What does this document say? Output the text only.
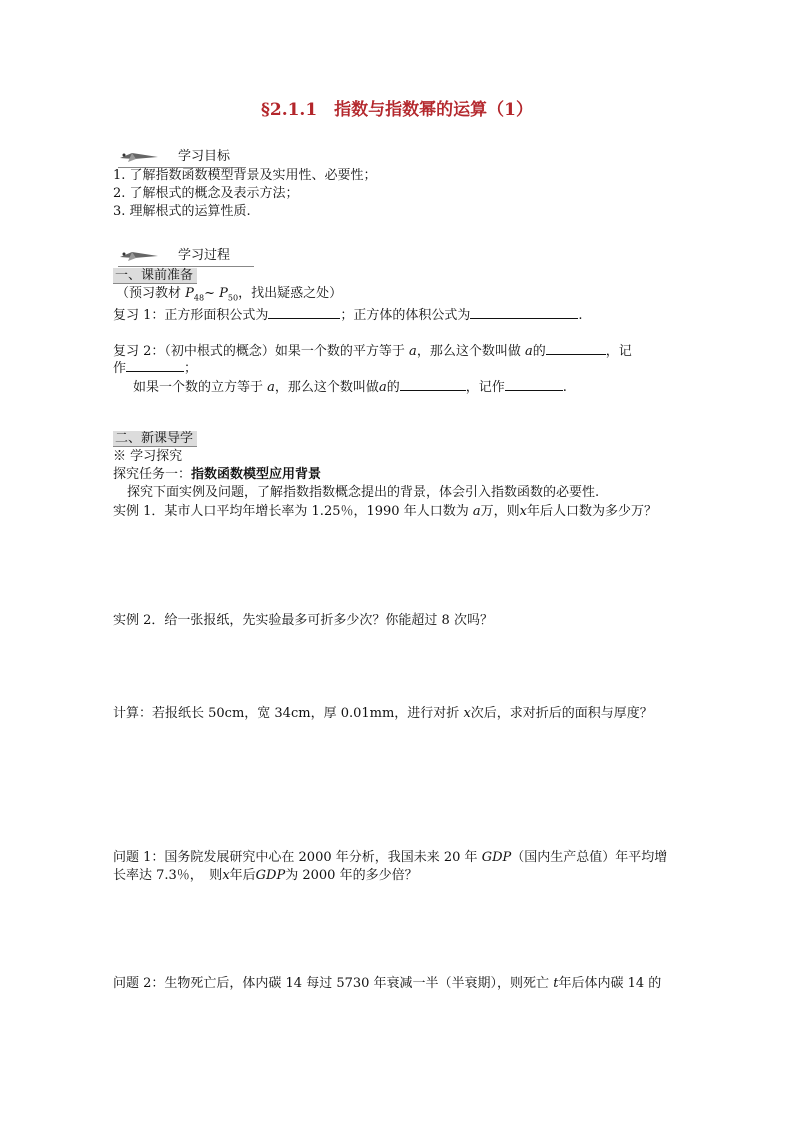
§2.1.1　指数与指数幂的运算（1）
学习目标
1. 了解指数函数模型背景及实用性、必要性；
2. 了解根式的概念及表示方法；
3. 理解根式的运算性质.
学习过程
一、课前准备
（预习教材 $P_{48}\sim$ $P_{50}$，找出疑惑之处）
复习 1：正方形面积公式为	；正方体的体积公式为	.
复习 2：（初中根式的概念）如果一个数的平方等于 a，那么这个数叫做 a的	，记
作	；
如果一个数的立方等于 a，那么这个数叫做a的	，记作	.
二、新课导学
※ 学习探究
探究任务一：指数函数模型应用背景
探究下面实例及问题，了解指数指数概念提出的背景，体会引入指数函数的必要性.
实例 1．某市人口平均年增长率为 1.25％，1990 年人口数为 a万，则x年后人口数为多少万？
实例 2．给一张报纸，先实验最多可折多少次？你能超过 8 次吗？
计算：若报纸长 50cm，宽 34cm，厚 0.01mm，进行对折 x次后，求对折后的面积与厚度？
问题 1：国务院发展研究中心在 2000 年分析，我国未来 20 年 GDP（国内生产总值）年平均增
长率达 7.3％，　则x年后GDP为 2000 年的多少倍？
问题 2：生物死亡后，体内碳 14 每过 5730 年衰减一半（半衰期），则死亡 t年后体内碳 14 的
